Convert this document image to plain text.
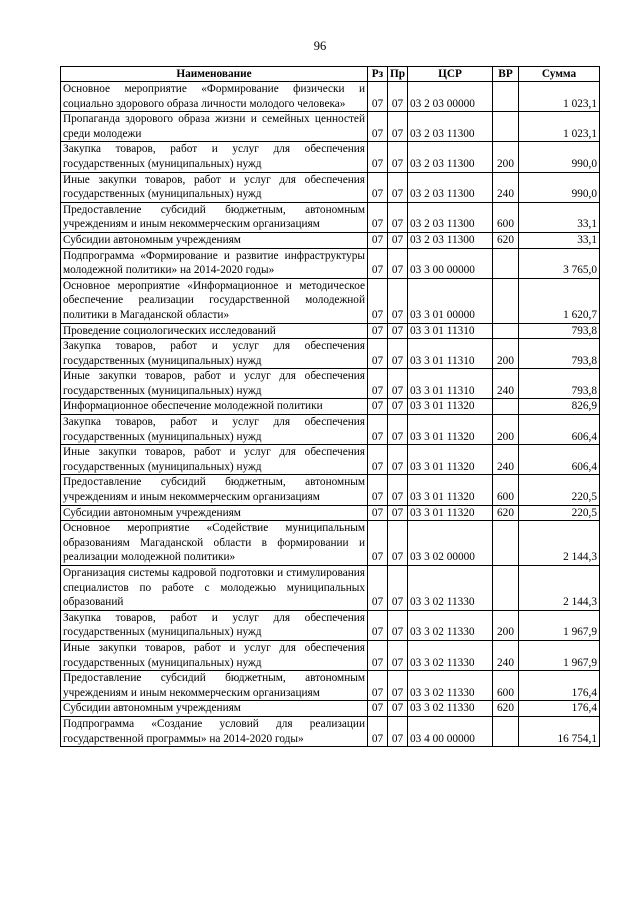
96
Наименование	Рз	Пр	ЦСР	ВР	Сумма

Основное мероприятие «Формирование физически и социально здорового образа личности молодого человека»	07	07	03 2 03 00000		1 023,1

Пропаганда здорового образа жизни и семейных ценностей среди молодежи	07	07	03 2 03 11300		1 023,1

Закупка товаров, работ и услуг для обеспечения государственных (муниципальных) нужд	07	07	03 2 03 11300	200	990,0

Иные закупки товаров, работ и услуг для обеспечения государственных (муниципальных) нужд	07	07	03 2 03 11300	240	990,0

Предоставление субсидий бюджетным, автономным учреждениям и иным некоммерческим организациям	07	07	03 2 03 11300	600	33,1

Субсидии автономным учреждениям	07	07	03 2 03 11300	620	33,1

Подпрограмма «Формирование и развитие инфраструктуры молодежной политики» на 2014-2020 годы»	07	07	03 3 00 00000		3 765,0

Основное мероприятие «Информационное и методическое обеспечение реализации государственной молодежной политики в Магаданской области»	07	07	03 3 01 00000		1 620,7

Проведение социологических исследований	07	07	03 3 01 11310		793,8

Закупка товаров, работ и услуг для обеспечения государственных (муниципальных) нужд	07	07	03 3 01 11310	200	793,8

Иные закупки товаров, работ и услуг для обеспечения государственных (муниципальных) нужд	07	07	03 3 01 11310	240	793,8

Информационное обеспечение молодежной политики	07	07	03 3 01 11320		826,9

Закупка товаров, работ и услуг для обеспечения государственных (муниципальных) нужд	07	07	03 3 01 11320	200	606,4

Иные закупки товаров, работ и услуг для обеспечения государственных (муниципальных) нужд	07	07	03 3 01 11320	240	606,4

Предоставление субсидий бюджетным, автономным учреждениям и иным некоммерческим организациям	07	07	03 3 01 11320	600	220,5

Субсидии автономным учреждениям	07	07	03 3 01 11320	620	220,5

Основное мероприятие «Содействие муниципальным образованиям Магаданской области в формировании и реализации молодежной политики»	07	07	03 3 02 00000		2 144,3

Организация системы кадровой подготовки и стимулирования специалистов по работе с молодежью муниципальных образований	07	07	03 3 02 11330		2 144,3

Закупка товаров, работ и услуг для обеспечения государственных (муниципальных) нужд	07	07	03 3 02 11330	200	1 967,9

Иные закупки товаров, работ и услуг для обеспечения государственных (муниципальных) нужд	07	07	03 3 02 11330	240	1 967,9

Предоставление субсидий бюджетным, автономным учреждениям и иным некоммерческим организациям	07	07	03 3 02 11330	600	176,4

Субсидии автономным учреждениям	07	07	03 3 02 11330	620	176,4

Подпрограмма «Создание условий для реализации государственной программы» на 2014-2020 годы»	07	07	03 4 00 00000		16 754,1
